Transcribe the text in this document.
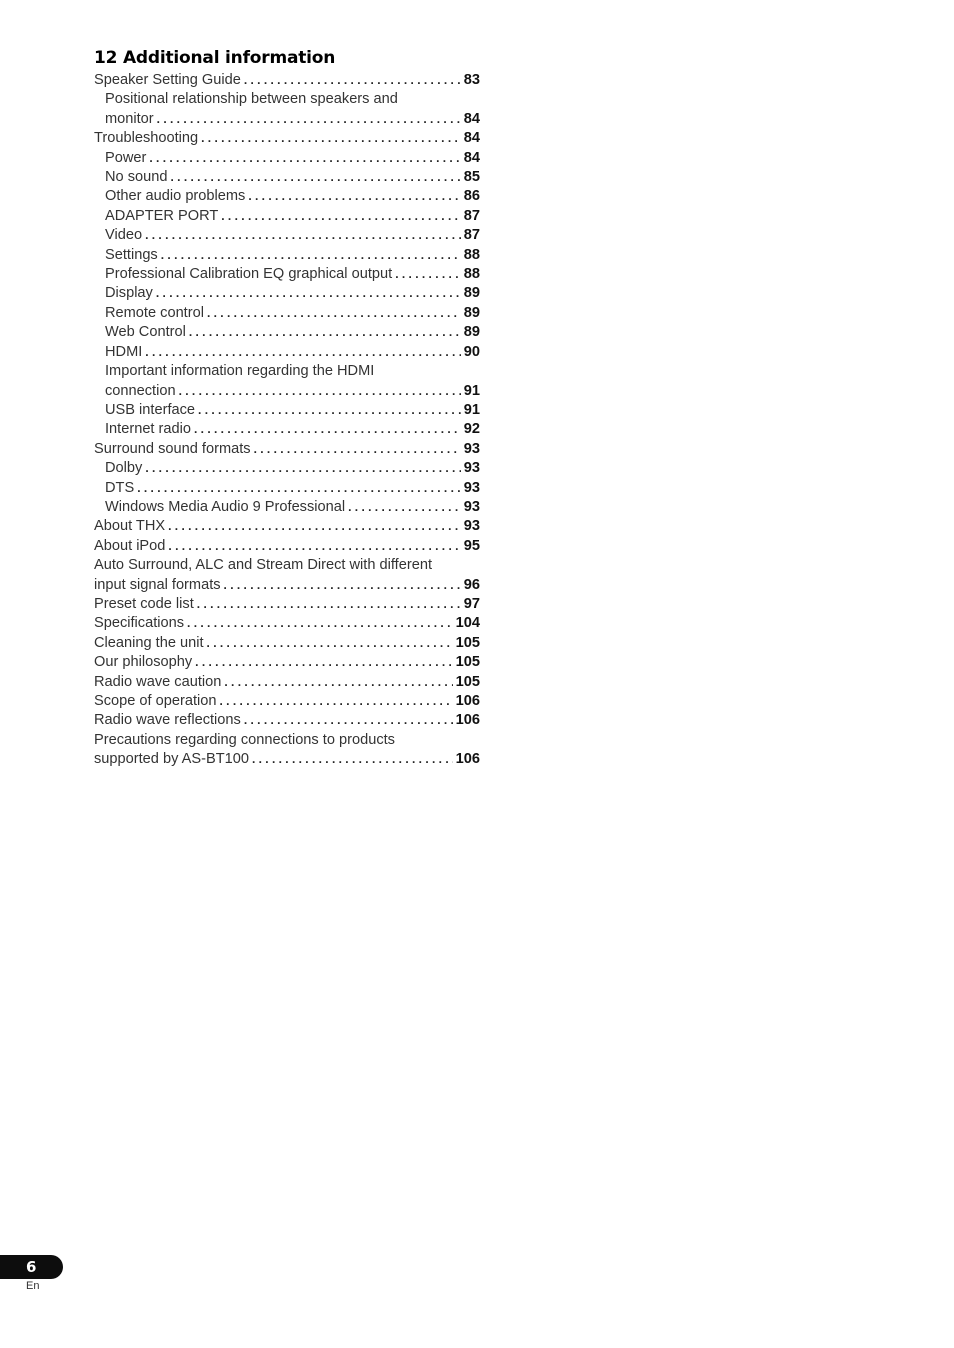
12 Additional information
Speaker Setting Guide . . .	83
Positional relationship between speakers and
monitor . . .	84
Troubleshooting . . .	84
Power . . .	84
No sound . . .	85
Other audio problems . . .	86
ADAPTER PORT . . .	87
Video . . .	87
Settings . . .	88
Professional Calibration EQ graphical output . . .	88
Display . . .	89
Remote control . . .	89
Web Control . . .	89
HDMI . . .	90
Important information regarding the HDMI
connection . . .	91
USB interface . . .	91
Internet radio . . .	92
Surround sound formats . . .	93
Dolby . . .	93
DTS . . .	93
Windows Media Audio 9 Professional . . .	93
About THX . . .	93
About iPod . . .	95
Auto Surround, ALC and Stream Direct with different
input signal formats . . .	96
Preset code list . . .	97
Specifications . . .	104
Cleaning the unit . . .	105
Our philosophy . . .	105
Radio wave caution . . .	105
Scope of operation . . .	106
Radio wave reflections . . .	106
Precautions regarding connections to products
supported by AS-BT100 . . .	106
6
En
